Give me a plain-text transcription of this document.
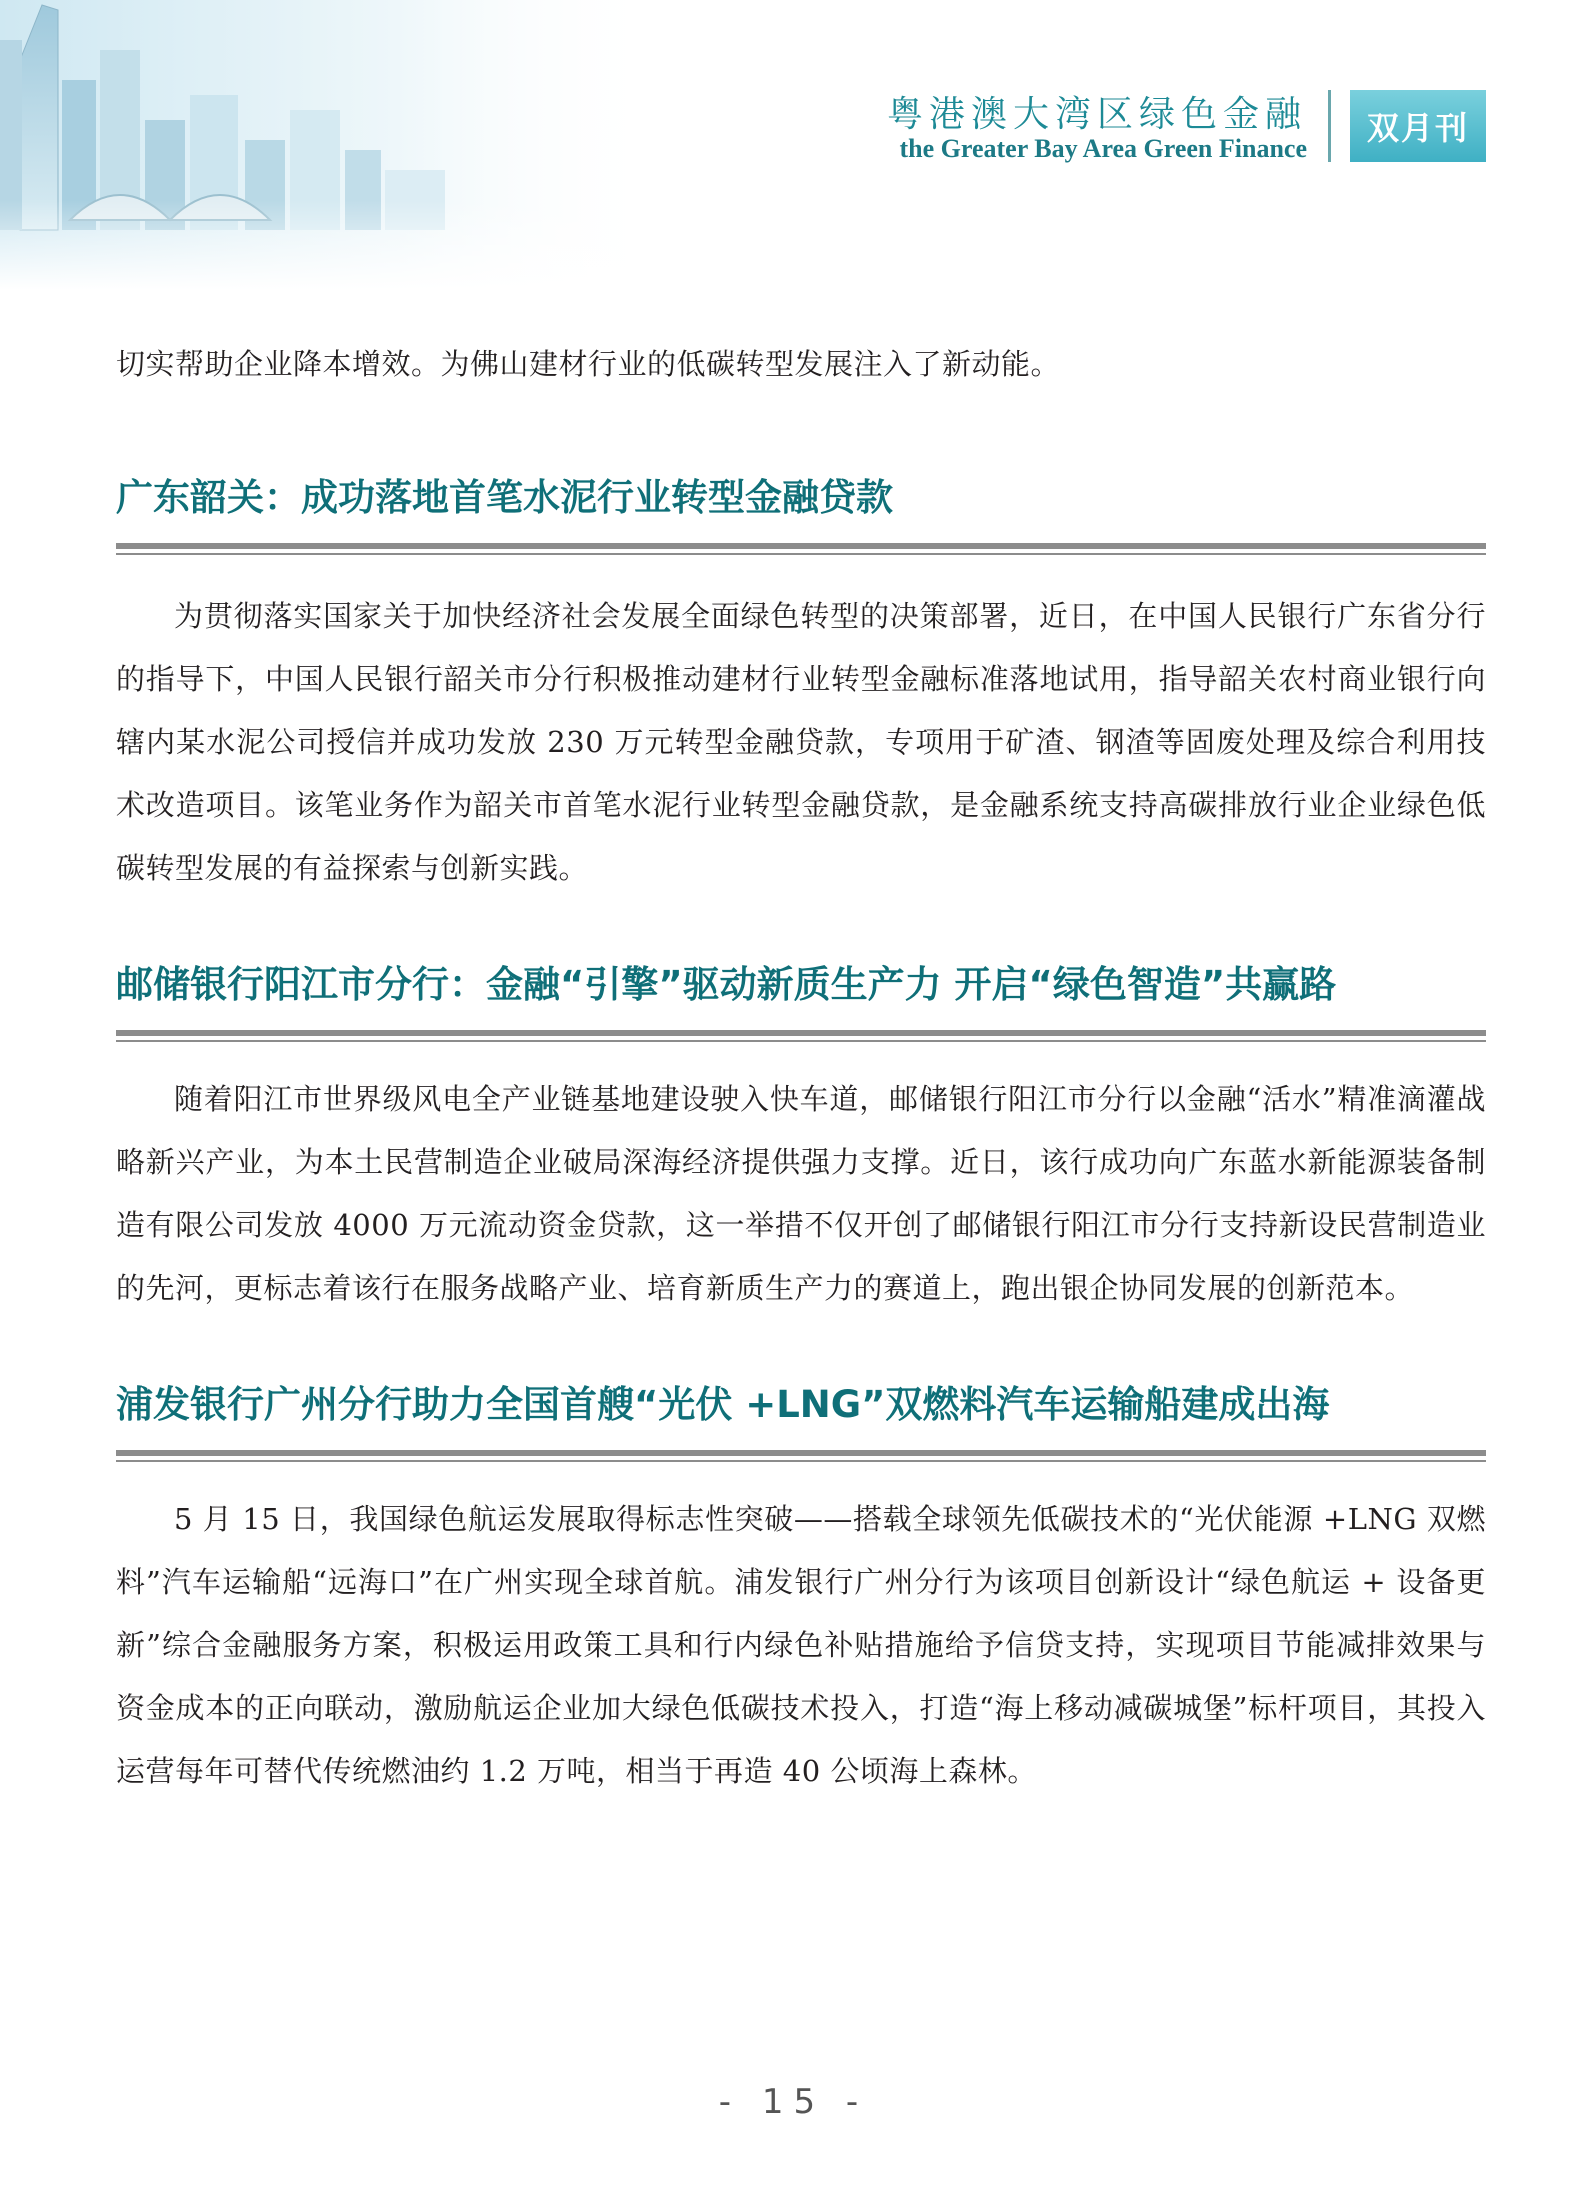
粤港澳大湾区绿色金融
the Greater Bay Area Green Finance
双月刊

切实帮助企业降本增效。为佛山建材行业的低碳转型发展注入了新动能。

广东韶关：成功落地首笔水泥行业转型金融贷款

为贯彻落实国家关于加快经济社会发展全面绿色转型的决策部署，近日，在中国人民银行广东省分行的指导下，中国人民银行韶关市分行积极推动建材行业转型金融标准落地试用，指导韶关农村商业银行向辖内某水泥公司授信并成功发放 230 万元转型金融贷款，专项用于矿渣、钢渣等固废处理及综合利用技术改造项目。该笔业务作为韶关市首笔水泥行业转型金融贷款，是金融系统支持高碳排放行业企业绿色低碳转型发展的有益探索与创新实践。

邮储银行阳江市分行：金融“引擎”驱动新质生产力 开启“绿色智造”共赢路

随着阳江市世界级风电全产业链基地建设驶入快车道，邮储银行阳江市分行以金融“活水”精准滴灌战略新兴产业，为本土民营制造企业破局深海经济提供强力支撑。近日，该行成功向广东蓝水新能源装备制造有限公司发放 4000 万元流动资金贷款，这一举措不仅开创了邮储银行阳江市分行支持新设民营制造业的先河，更标志着该行在服务战略产业、培育新质生产力的赛道上，跑出银企协同发展的创新范本。

浦发银行广州分行助力全国首艘“光伏 +LNG”双燃料汽车运输船建成出海

5 月 15 日，我国绿色航运发展取得标志性突破——搭载全球领先低碳技术的“光伏能源 +LNG 双燃料”汽车运输船“远海口”在广州实现全球首航。浦发银行广州分行为该项目创新设计“绿色航运 + 设备更新”综合金融服务方案，积极运用政策工具和行内绿色补贴措施给予信贷支持，实现项目节能减排效果与资金成本的正向联动，激励航运企业加大绿色低碳技术投入，打造“海上移动减碳城堡”标杆项目，其投入运营每年可替代传统燃油约 1.2 万吨，相当于再造 40 公顷海上森林。

- 15 -
